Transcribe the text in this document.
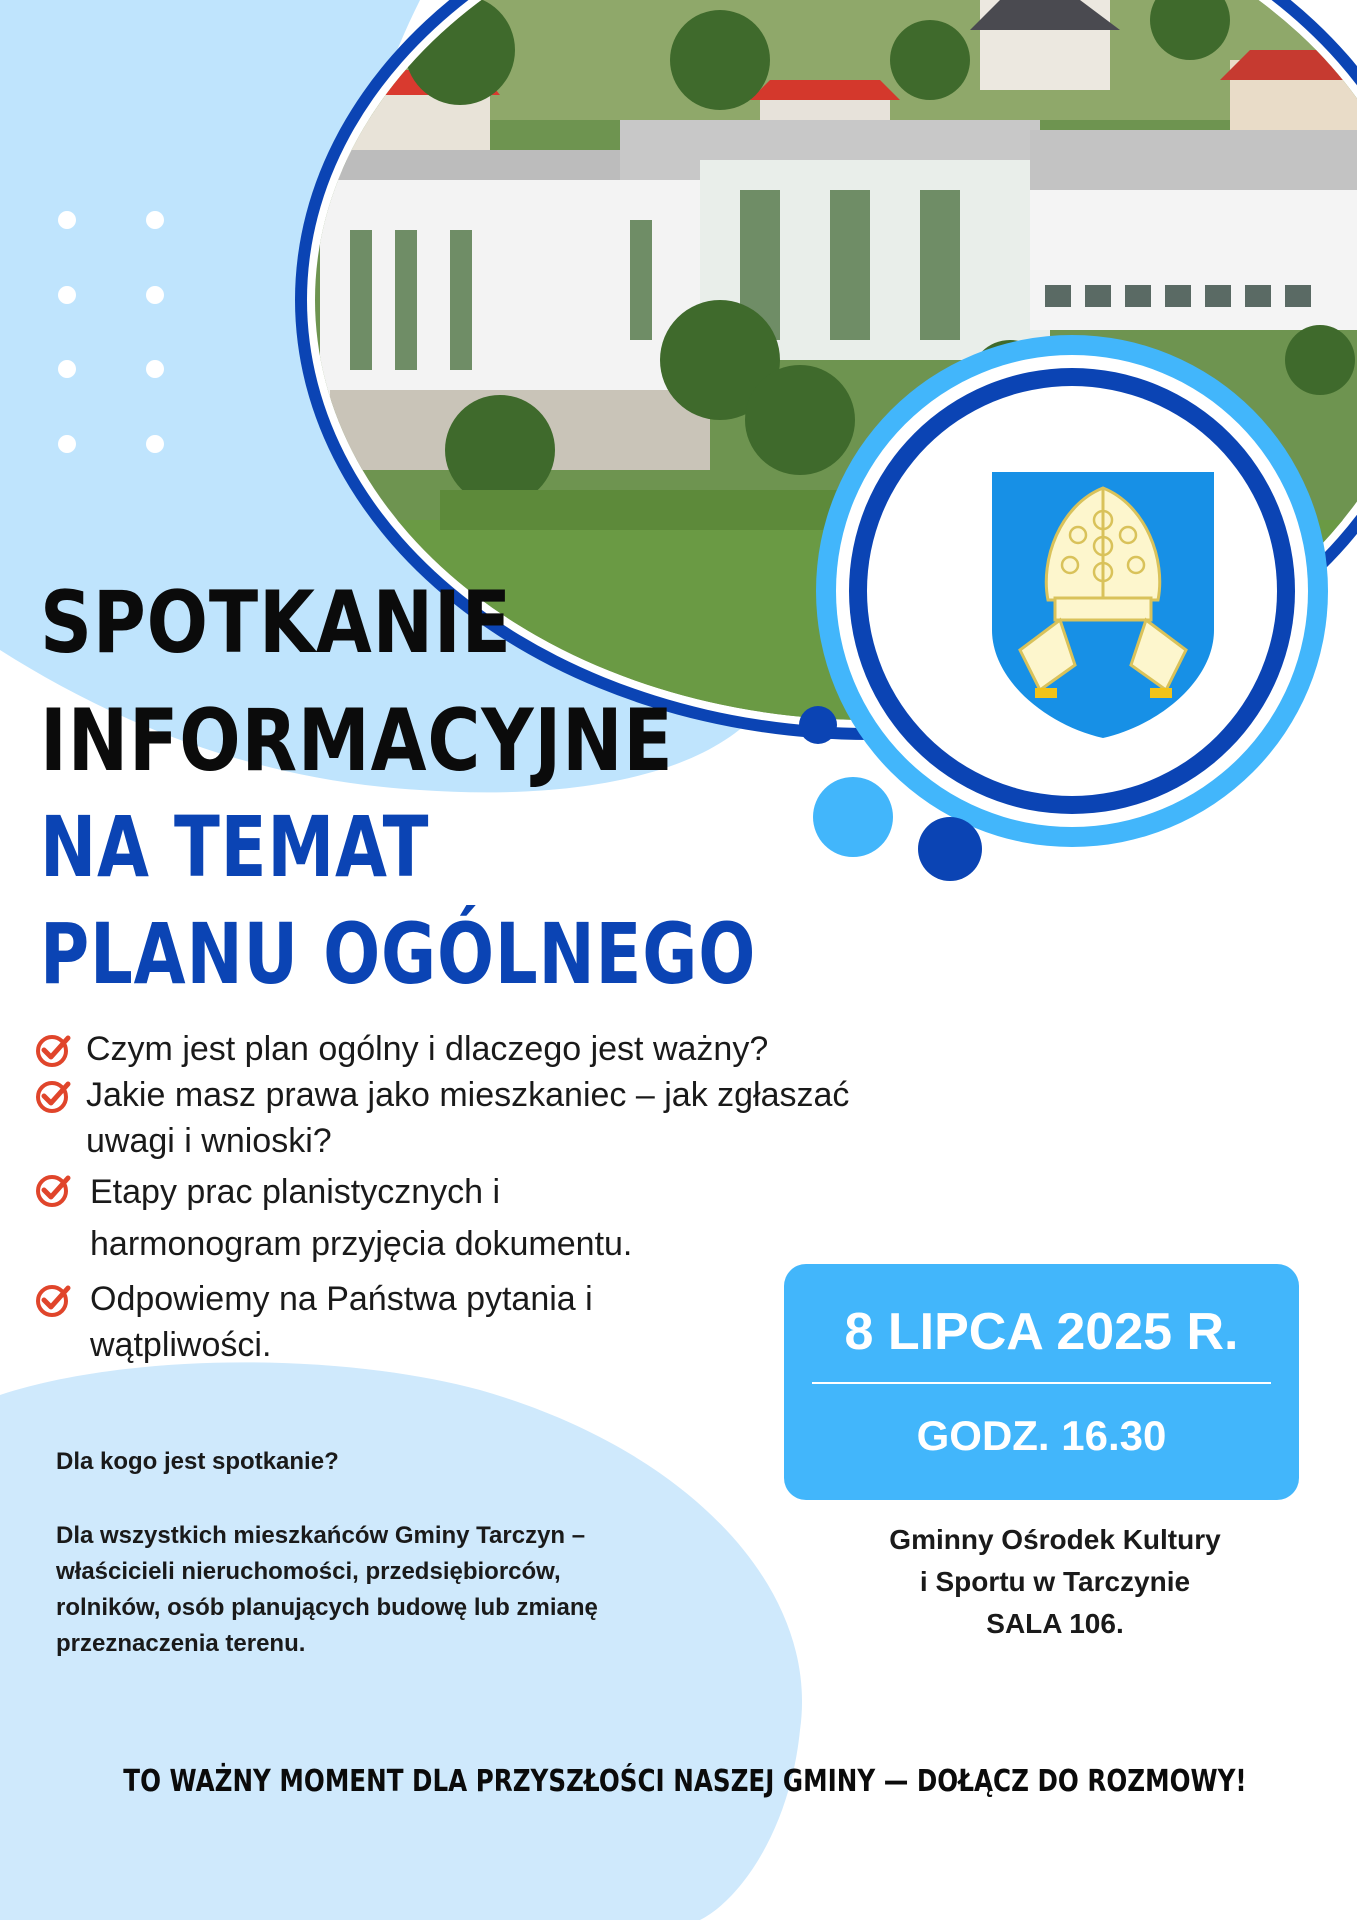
SPOTKANIE
INFORMACYJNE
NA TEMAT
PLANU OGÓLNEGO
Czym jest plan ogólny i dlaczego jest ważny?
Jakie masz prawa jako mieszkaniec – jak zgłaszać
uwagi i wnioski?
Etapy prac planistycznych i
harmonogram przyjęcia dokumentu.
Odpowiemy na Państwa pytania i
wątpliwości.	8 LIPCA 2025 R.
GODZ. 16.30
Gminny Ośrodek Kultury
i Sportu w Tarczynie
SALA 106.
Dla kogo jest spotkanie?
Dla wszystkich mieszkańców Gminy Tarczyn –
właścicieli nieruchomości, przedsiębiorców,
rolników, osób planujących budowę lub zmianę
przeznaczenia terenu.
TO WAŻNY MOMENT DLA PRZYSZŁOŚCI NASZEJ GMINY — DOŁĄCZ DO ROZMOWY!
